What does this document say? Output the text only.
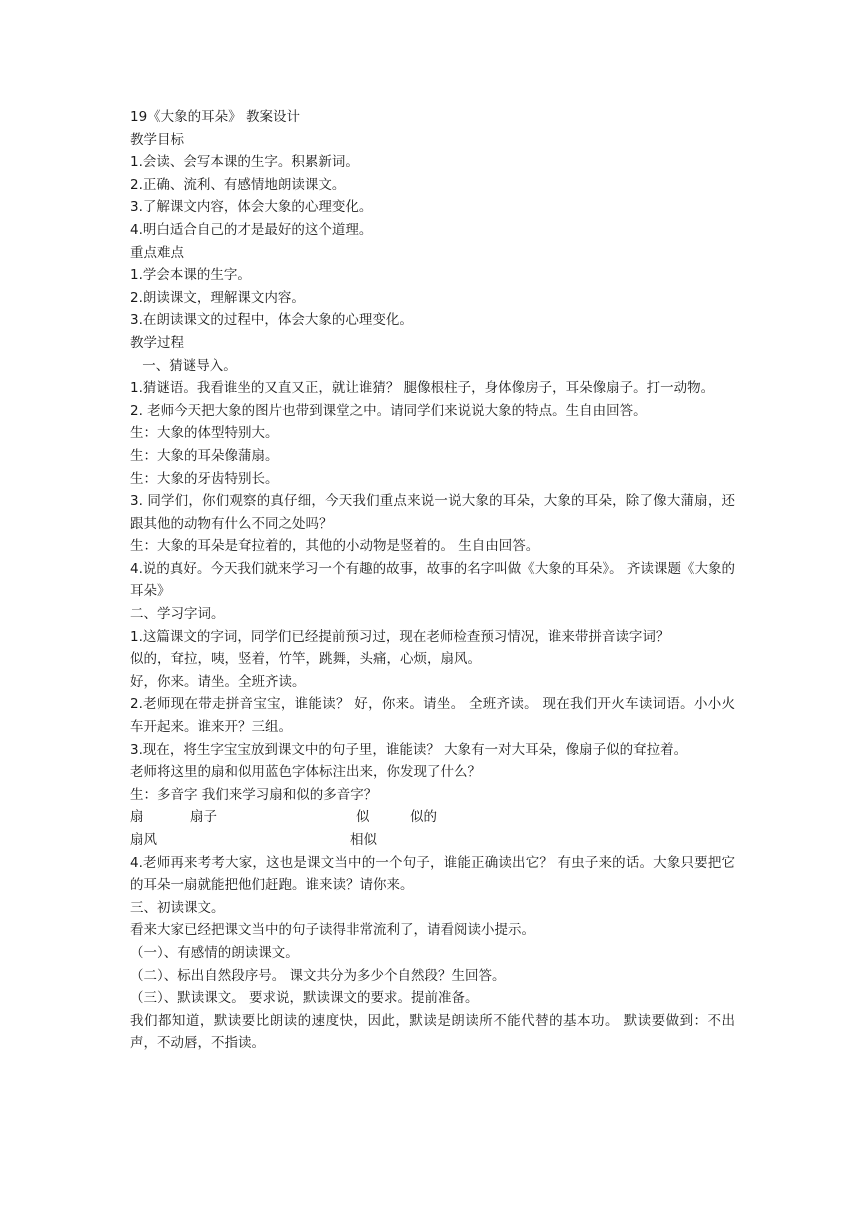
19《大象的耳朵》 教案设计

教学目标

1.会读、会写本课的生字。积累新词。

2.正确、流利、有感情地朗读课文。

3.了解课文内容，体会大象的心理变化。

4.明白适合自己的才是最好的这个道理。

重点难点

1.学会本课的生字。

2.朗读课文，理解课文内容。

3.在朗读课文的过程中，体会大象的心理变化。

教学过程

一、猜谜导入。

1.猜谜语。我看谁坐的又直又正，就让谁猜？ 腿像根柱子，身体像房子，耳朵像扇子。打一动物。

2. 老师今天把大象的图片也带到课堂之中。请同学们来说说大象的特点。生自由回答。

生：大象的体型特别大。

生：大象的耳朵像蒲扇。

生：大象的牙齿特别长。

3. 同学们，你们观察的真仔细，今天我们重点来说一说大象的耳朵，大象的耳朵，除了像大蒲扇，还跟其他的动物有什么不同之处吗？

生：大象的耳朵是耷拉着的，其他的小动物是竖着的。 生自由回答。

4.说的真好。今天我们就来学习一个有趣的故事，故事的名字叫做《大象的耳朵》。 齐读课题《大象的耳朵》

二、学习字词。

1.这篇课文的字词，同学们已经提前预习过，现在老师检查预习情况，谁来带拼音读字词？

似的，耷拉，咦，竖着，竹竿，跳舞，头痛，心烦，扇风。

好，你来。请坐。全班齐读。

2.老师现在带走拼音宝宝，谁能读？ 好，你来。请坐。 全班齐读。 现在我们开火车读词语。小小火车开起来。谁来开？三组。

3.现在，将生字宝宝放到课文中的句子里，谁能读？ 大象有一对大耳朵，像扇子似的耷拉着。

老师将这里的扇和似用蓝色字体标注出来，你发现了什么？

生：多音字 我们来学习扇和似的多音字？

扇	扇子	似	似的
扇风	相似

4.老师再来考考大家，这也是课文当中的一个句子，谁能正确读出它？ 有虫子来的话。大象只要把它的耳朵一扇就能把他们赶跑。谁来读？请你来。

三、初读课文。

看来大家已经把课文当中的句子读得非常流利了，请看阅读小提示。

（一）、有感情的朗读课文。

（二）、标出自然段序号。 课文共分为多少个自然段？生回答。

（三）、默读课文。 要求说，默读课文的要求。提前准备。

我们都知道，默读要比朗读的速度快，因此，默读是朗读所不能代替的基本功。 默读要做到：不出声，不动唇，不指读。
